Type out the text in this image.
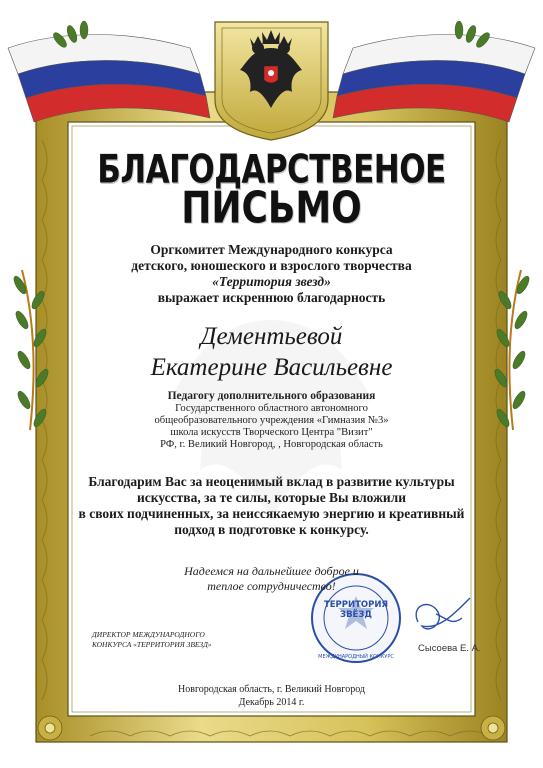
БЛАГОДАРСТВЕНОЕ
ПИСЬМО
Оргкомитет Международного конкурса
детского, юношеского и взрослого творчества
«Территория звезд»
выражает искреннюю благодарность
Дементьевой
Екатерине Васильевне
Педагогу дополнительного образования
Государственного областного автономного
общеобразовательного учреждения «Гимназия №3»
школа искусств Творческого Центра "Визит"
РФ, г. Великий Новгород, , Новгородская область
Благодарим Вас за неоценимый вклад в развитие культуры
искусства, за те силы, которые Вы вложили
в своих подчиненных, за неиссякаемую энергию и креативный
подход в подготовке к конкурсу.
Надеемся на дальнейшее доброе и
теплое сотрудничество!
ДИРЕКТОР МЕЖДУНАРОДНОГО
КОНКУРСА «ТЕРРИТОРИЯ ЗВЕЗД»
ТЕРРИТОРИЯ
ЗВЁЗД
МЕЖДУНАРОДНЫЙ КОНКУРС
Сысоева Е. А.
Новгородская область, г. Великий Новгород
Декабрь 2014 г.
